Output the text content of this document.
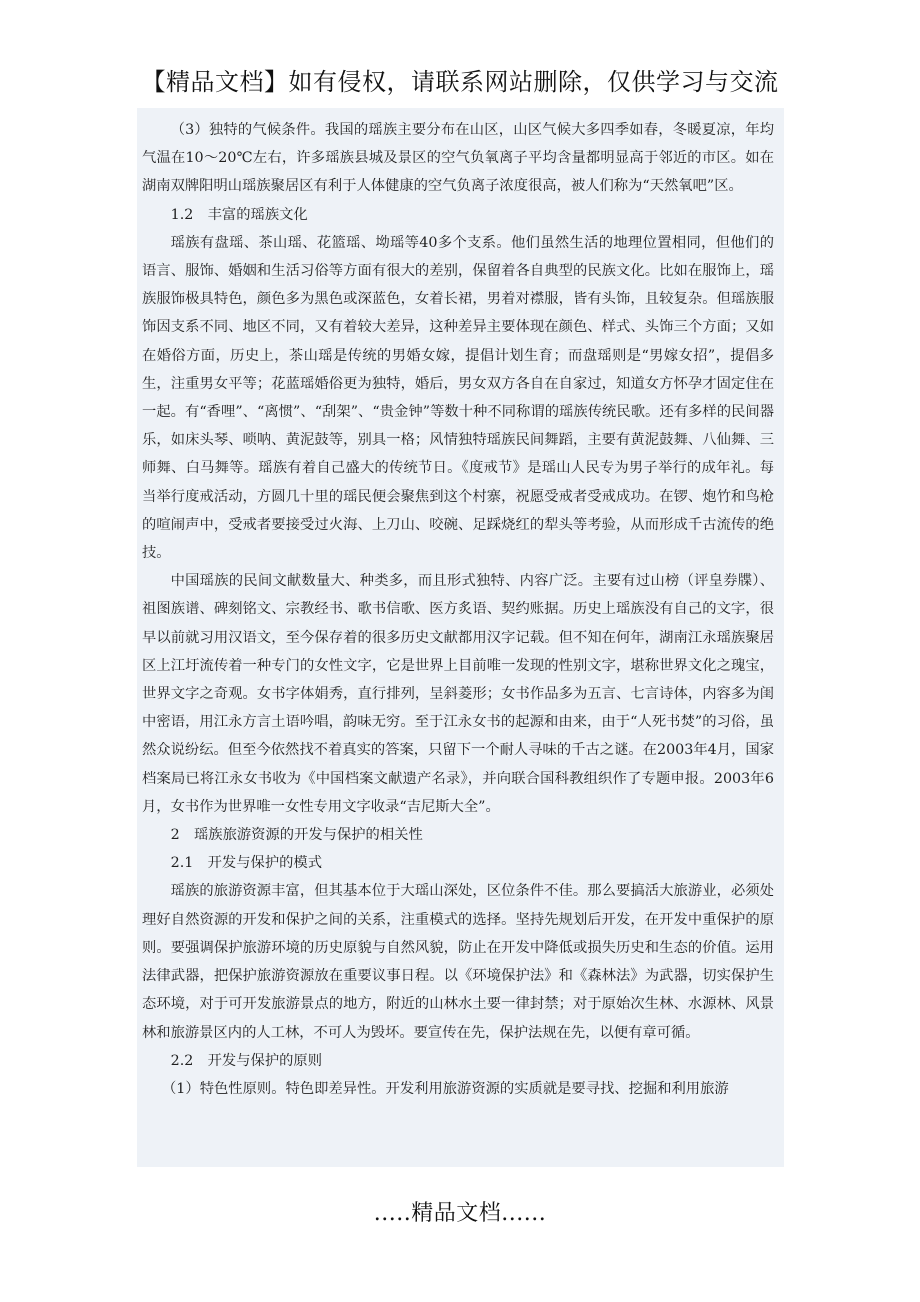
【精品文档】如有侵权，请联系网站删除，仅供学习与交流

（3）独特的气候条件。我国的瑶族主要分布在山区，山区气候大多四季如春，冬暖夏凉，年均气温在10～20℃左右，许多瑶族县城及景区的空气负氧离子平均含量都明显高于邻近的市区。如在湖南双牌阳明山瑶族聚居区有利于人体健康的空气负离子浓度很高，被人们称为“天然氧吧”区。

1.2　丰富的瑶族文化

瑶族有盘瑶、茶山瑶、花篮瑶、坳瑶等40多个支系。他们虽然生活的地理位置相同，但他们的语言、服饰、婚姻和生活习俗等方面有很大的差别，保留着各自典型的民族文化。比如在服饰上，瑶族服饰极具特色，颜色多为黑色或深蓝色，女着长裙，男着对襟服，皆有头饰，且较复杂。但瑶族服饰因支系不同、地区不同，又有着较大差异，这种差异主要体现在颜色、样式、头饰三个方面；又如在婚俗方面，历史上，茶山瑶是传统的男婚女嫁，提倡计划生育；而盘瑶则是“男嫁女招”，提倡多生，注重男女平等；花蓝瑶婚俗更为独特，婚后，男女双方各自在自家过，知道女方怀孕才固定住在一起。有“香哩”、“离惯”、“刮架”、“贵金钟”等数十种不同称谓的瑶族传统民歌。还有多样的民间器乐，如床头琴、唢呐、黄泥鼓等，别具一格；风情独特瑶族民间舞蹈，主要有黄泥鼓舞、八仙舞、三师舞、白马舞等。瑶族有着自己盛大的传统节日。《度戒节》是瑶山人民专为男子举行的成年礼。每当举行度戒活动，方圆几十里的瑶民便会聚焦到这个村寨，祝愿受戒者受戒成功。在锣、炮竹和鸟枪的喧闹声中，受戒者要接受过火海、上刀山、咬碗、足踩烧红的犁头等考验，从而形成千古流传的绝技。

中国瑶族的民间文献数量大、种类多，而且形式独特、内容广泛。主要有过山榜（评皇券牒）、祖图族谱、碑刻铭文、宗教经书、歌书信歌、医方炙语、契约账据。历史上瑶族没有自己的文字，很早以前就习用汉语文，至今保存着的很多历史文献都用汉字记载。但不知在何年，湖南江永瑶族聚居区上江圩流传着一种专门的女性文字，它是世界上目前唯一发现的性别文字，堪称世界文化之瑰宝，世界文字之奇观。女书字体娟秀，直行排列，呈斜菱形；女书作品多为五言、七言诗体，内容多为闺中密语，用江永方言土语吟唱，韵味无穷。至于江永女书的起源和由来，由于“人死书焚”的习俗，虽然众说纷纭。但至今依然找不着真实的答案，只留下一个耐人寻味的千古之谜。在2003年4月，国家档案局已将江永女书收为《中国档案文献遗产名录》，并向联合国科教组织作了专题申报。2003年6月，女书作为世界唯一女性专用文字收录“吉尼斯大全”。

2　瑶族旅游资源的开发与保护的相关性

2.1　开发与保护的模式

瑶族的旅游资源丰富，但其基本位于大瑶山深处，区位条件不佳。那么要搞活大旅游业，必须处理好自然资源的开发和保护之间的关系，注重模式的选择。坚持先规划后开发，在开发中重保护的原则。要强调保护旅游环境的历史原貌与自然风貌，防止在开发中降低或损失历史和生态的价值。运用法律武器，把保护旅游资源放在重要议事日程。以《环境保护法》和《森林法》为武器，切实保护生态环境，对于可开发旅游景点的地方，附近的山林水土要一律封禁；对于原始次生林、水源林、风景林和旅游景区内的人工林，不可人为毁坏。要宣传在先，保护法规在先，以便有章可循。

2.2　开发与保护的原则

（1）特色性原则。特色即差异性。开发利用旅游资源的实质就是要寻找、挖掘和利用旅游

.....精品文档......
